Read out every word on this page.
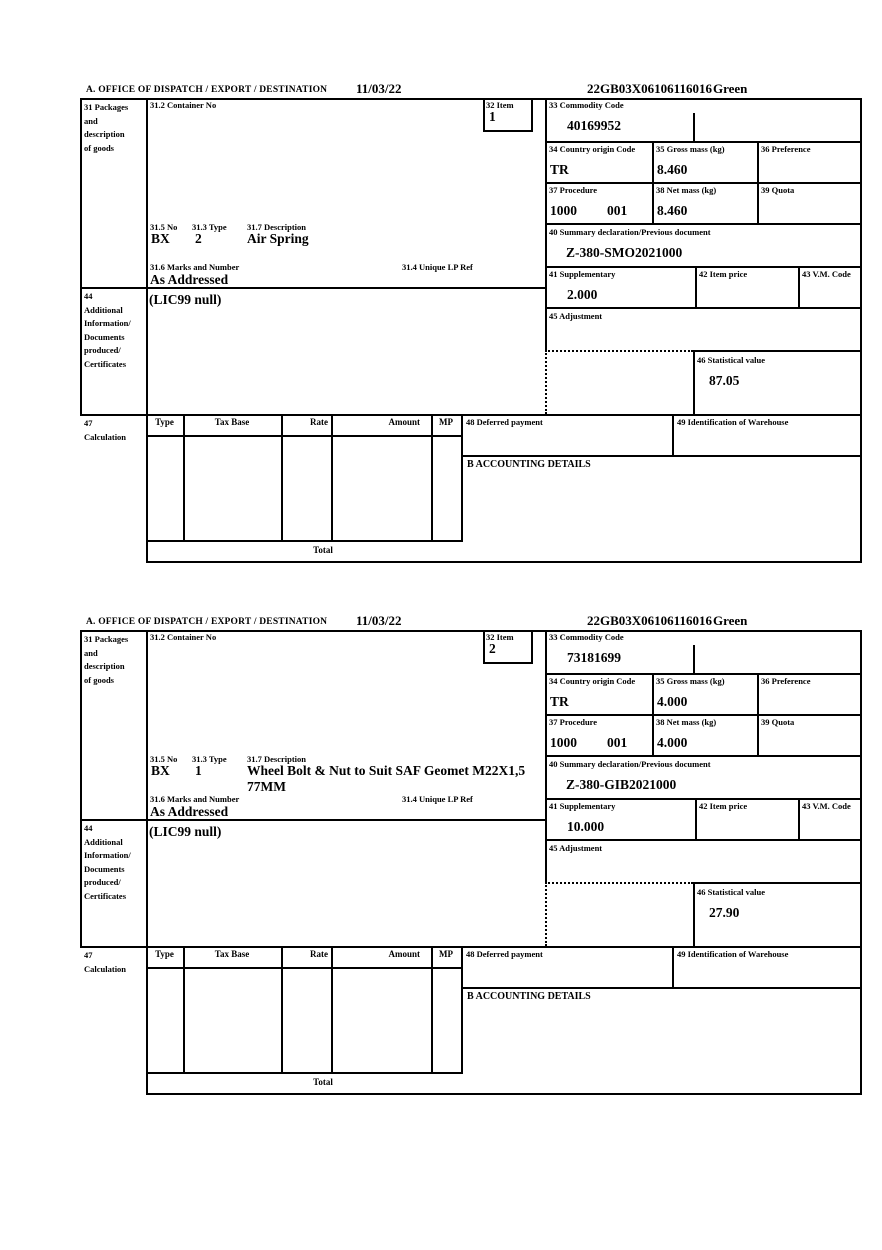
A. OFFICE OF DISPATCH / EXPORT / DESTINATION 11/03/22	22GB03X06106116016 Green
31 Packages
and
description
of goods
31.2 Container No	32 Item
1
33 Commodity Code
40169952
34 Country origin Code
TR
35 Gross mass (kg)
8.460
36 Preference
37 Procedure
1000 001
38 Net mass (kg)
8.460
39 Quota
40 Summary declaration/Previous document
Z-380-SMO2021000
41 Supplementary
2.000
42 Item price	43 V.M. Code
45 Adjustment
46 Statistical value
87.05
31.5 No 31.3 Type 31.7 Description
BX 2	Air Spring
31.6 Marks and Number	31.4 Unique LP Ref
As Addressed
44
Additional
Information/
Documents
produced/
Certificates
(LIC99 null)
47
Calculation
Type	Tax Base	Rate	Amount	MP	48 Deferred payment	49 Identification of Warehouse
B ACCOUNTING DETAILS
Total
A. OFFICE OF DISPATCH / EXPORT / DESTINATION 11/03/22	22GB03X06106116016 Green
31 Packages
and
description
of goods
31.2 Container No	32 Item
2
33 Commodity Code
73181699
34 Country origin Code
TR
35 Gross mass (kg)
4.000
36 Preference
37 Procedure
1000 001
38 Net mass (kg)
4.000
39 Quota
40 Summary declaration/Previous document
Z-380-GIB2021000
41 Supplementary
10.000
42 Item price	43 V.M. Code
45 Adjustment
46 Statistical value
27.90
31.5 No 31.3 Type 31.7 Description
BX 1	Wheel Bolt & Nut to Suit SAF Geomet M22X1,5 77MM
31.6 Marks and Number	31.4 Unique LP Ref
As Addressed
44
Additional
Information/
Documents
produced/
Certificates
(LIC99 null)
47
Calculation
Type	Tax Base	Rate	Amount	MP	48 Deferred payment	49 Identification of Warehouse
B ACCOUNTING DETAILS
Total
